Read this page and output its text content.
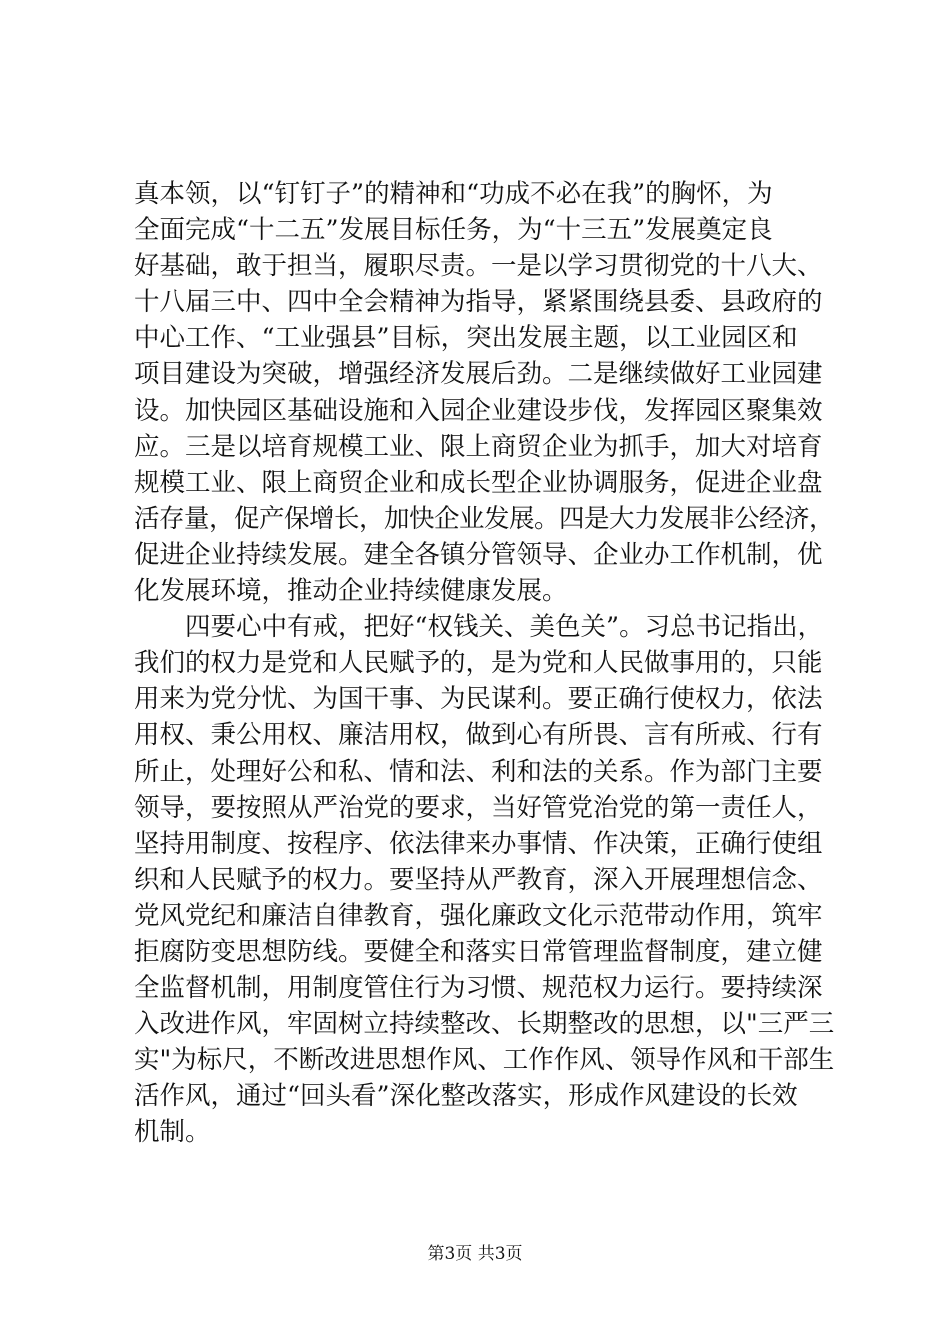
真本领，以“钉钉子”的精神和“功成不必在我”的胸怀，为
全面完成“十二五”发展目标任务，为“十三五”发展奠定良
好基础，敢于担当，履职尽责。一是以学习贯彻党的十八大、
十八届三中、四中全会精神为指导，紧紧围绕县委、县政府的
中心工作、“工业强县”目标，突出发展主题，以工业园区和
项目建设为突破，增强经济发展后劲。二是继续做好工业园建
设。加快园区基础设施和入园企业建设步伐，发挥园区聚集效
应。三是以培育规模工业、限上商贸企业为抓手，加大对培育
规模工业、限上商贸企业和成长型企业协调服务，促进企业盘
活存量，促产保增长，加快企业发展。四是大力发展非公经济，
促进企业持续发展。建全各镇分管领导、企业办工作机制，优
化发展环境，推动企业持续健康发展。
　　四要心中有戒，把好“权钱关、美色关”。习总书记指出，
我们的权力是党和人民赋予的，是为党和人民做事用的，只能
用来为党分忧、为国干事、为民谋利。要正确行使权力，依法
用权、秉公用权、廉洁用权，做到心有所畏、言有所戒、行有
所止，处理好公和私、情和法、利和法的关系。作为部门主要
领导，要按照从严治党的要求，当好管党治党的第一责任人，
坚持用制度、按程序、依法律来办事情、作决策，正确行使组
织和人民赋予的权力。要坚持从严教育，深入开展理想信念、
党风党纪和廉洁自律教育，强化廉政文化示范带动作用，筑牢
拒腐防变思想防线。要健全和落实日常管理监督制度，建立健
全监督机制，用制度管住行为习惯、规范权力运行。要持续深
入改进作风，牢固树立持续整改、长期整改的思想，以"三严三
实"为标尺，不断改进思想作风、工作作风、领导作风和干部生
活作风，通过“回头看”深化整改落实，形成作风建设的长效
机制。
第3页 共3页
